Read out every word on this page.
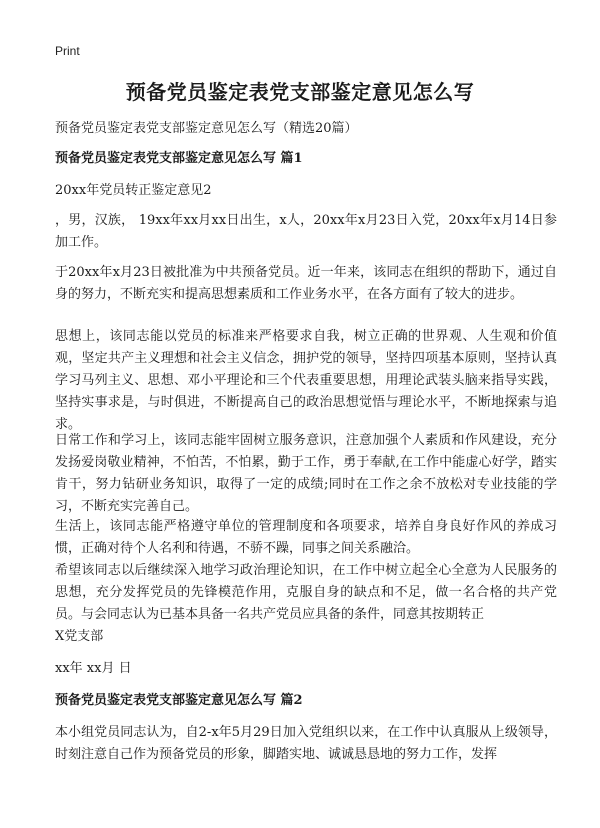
Print
预备党员鉴定表党支部鉴定意见怎么写

预备党员鉴定表党支部鉴定意见怎么写（精选20篇）

预备党员鉴定表党支部鉴定意见怎么写 篇1

20xx年党员转正鉴定意见2

，男，汉族， 19xx年xx月xx日出生，x人，20xx年x月23日入党，20xx年x月14日参加工作。

于20xx年x月23日被批准为中共预备党员。近一年来，该同志在组织的帮助下，通过自身的努力，不断充实和提高思想素质和工作业务水平，在各方面有了较大的进步。

思想上，该同志能以党员的标准来严格要求自我，树立正确的世界观、人生观和价值观，坚定共产主义理想和社会主义信念，拥护党的领导，坚持四项基本原则，坚持认真学习马列主义、思想、邓小平理论和三个代表重要思想，用理论武装头脑来指导实践，坚持实事求是，与时俱进，不断提高自己的政治思想觉悟与理论水平，不断地探索与追求。

日常工作和学习上，该同志能牢固树立服务意识，注意加强个人素质和作风建设，充分发扬爱岗敬业精神，不怕苦，不怕累，勤于工作，勇于奉献,在工作中能虚心好学，踏实肯干，努力钻研业务知识，取得了一定的成绩;同时在工作之余不放松对专业技能的学习，不断充实完善自己。

生活上，该同志能严格遵守单位的管理制度和各项要求，培养自身良好作风的养成习惯，正确对待个人名利和待遇，不骄不躁，同事之间关系融洽。

希望该同志以后继续深入地学习政治理论知识，在工作中树立起全心全意为人民服务的思想，充分发挥党员的先锋模范作用，克服自身的缺点和不足，做一名合格的共产党员。与会同志认为已基本具备一名共产党员应具备的条件，同意其按期转正

X党支部

xx年 xx月 日

预备党员鉴定表党支部鉴定意见怎么写 篇2

本小组党员同志认为，自2-x年5月29日加入党组织以来，在工作中认真服从上级领导，时刻注意自己作为预备党员的形象，脚踏实地、诚诚恳恳地的努力工作，发挥
